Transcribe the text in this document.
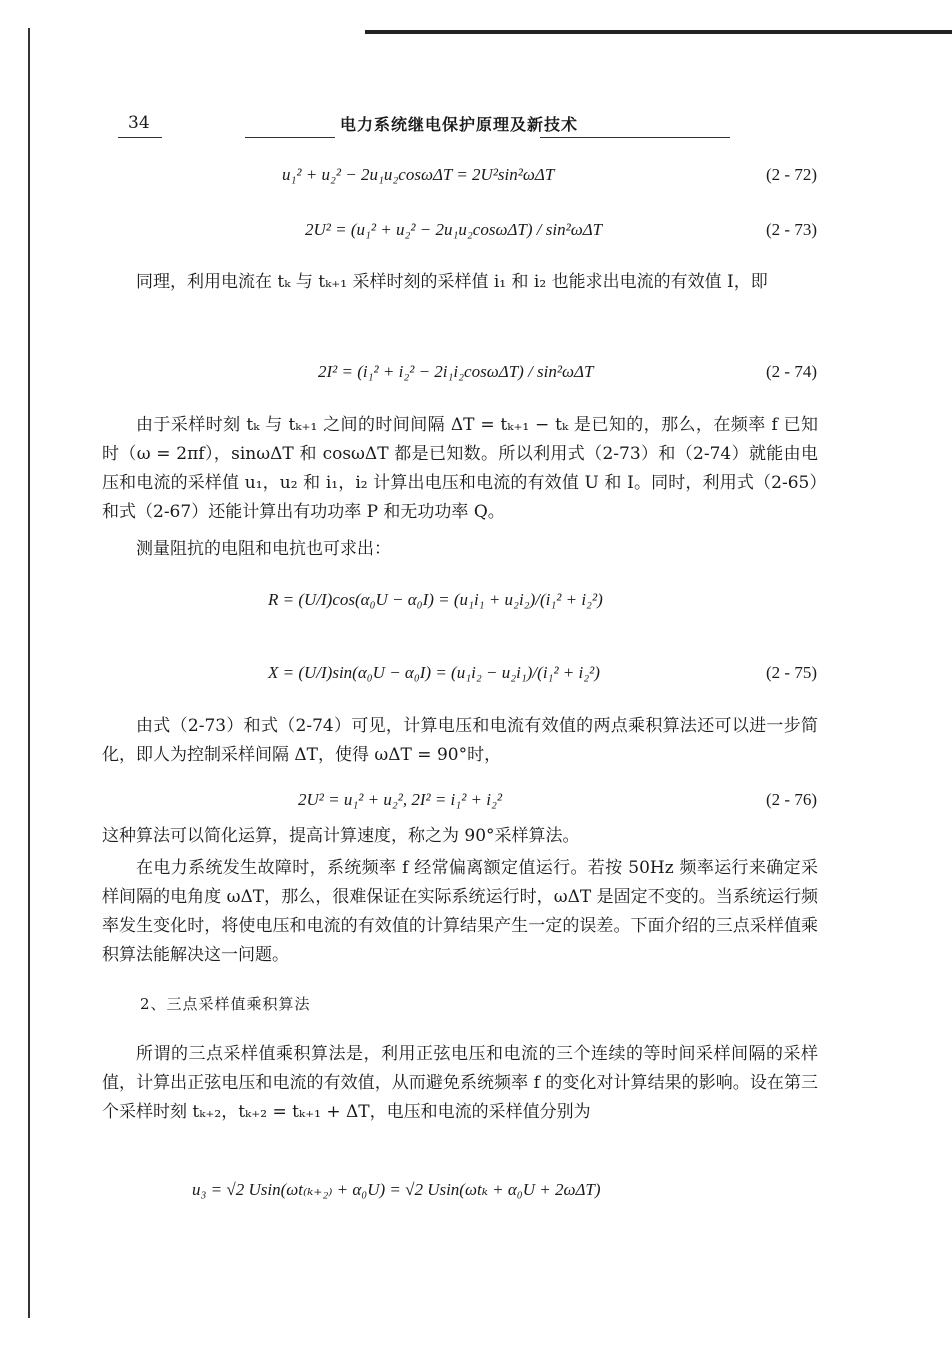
34	电力系统继电保护原理及新技术
u₁² + u₂² − 2u₁u₂cosωΔT = 2U²sin²ωΔT	(2 - 72)
2U² = (u₁² + u₂² − 2u₁u₂cosωΔT) / sin²ωΔT	(2 - 73)
同理，利用电流在 tₖ 与 tₖ₊₁ 采样时刻的采样值 i₁ 和 i₂ 也能求出电流的有效值 I，即
2I² = (i₁² + i₂² − 2i₁i₂cosωΔT) / sin²ωΔT	(2 - 74)
由于采样时刻 tₖ 与 tₖ₊₁ 之间的时间间隔 ΔT = tₖ₊₁ − tₖ 是已知的，那么，在频率 f 已知时（ω = 2πf），sinωΔT 和 cosωΔT 都是已知数。所以利用式（2-73）和（2-74）就能由电压和电流的采样值 u₁，u₂ 和 i₁，i₂ 计算出电压和电流的有效值 U 和 I。同时，利用式（2-65）和式（2-67）还能计算出有功功率 P 和无功功率 Q。
测量阻抗的电阻和电抗也可求出：
R = (U/I)cos(α₀U − α₀I) = (u₁i₁ + u₂i₂)/(i₁² + i₂²)
X = (U/I)sin(α₀U − α₀I) = (u₁i₂ − u₂i₁)/(i₁² + i₂²)	(2 - 75)
由式（2-73）和式（2-74）可见，计算电压和电流有效值的两点乘积算法还可以进一步简化，即人为控制采样间隔 ΔT，使得 ωΔT = 90°时，
2U² = u₁² + u₂², 2I² = i₁² + i₂²	(2 - 76)
这种算法可以简化运算，提高计算速度，称之为 90°采样算法。
在电力系统发生故障时，系统频率 f 经常偏离额定值运行。若按 50Hz 频率运行来确定采样间隔的电角度 ωΔT，那么，很难保证在实际系统运行时，ωΔT 是固定不变的。当系统运行频率发生变化时，将使电压和电流的有效值的计算结果产生一定的误差。下面介绍的三点采样值乘积算法能解决这一问题。
2、三点采样值乘积算法
所谓的三点采样值乘积算法是，利用正弦电压和电流的三个连续的等时间采样间隔的采样值，计算出正弦电压和电流的有效值，从而避免系统频率 f 的变化对计算结果的影响。设在第三个采样时刻 tₖ₊₂，tₖ₊₂ = tₖ₊₁ + ΔT，电压和电流的采样值分别为
u₃ = √2 Usin(ωt₍ₖ₊₂₎ + α₀U) = √2 Usin(ωtₖ + α₀U + 2ωΔT)
